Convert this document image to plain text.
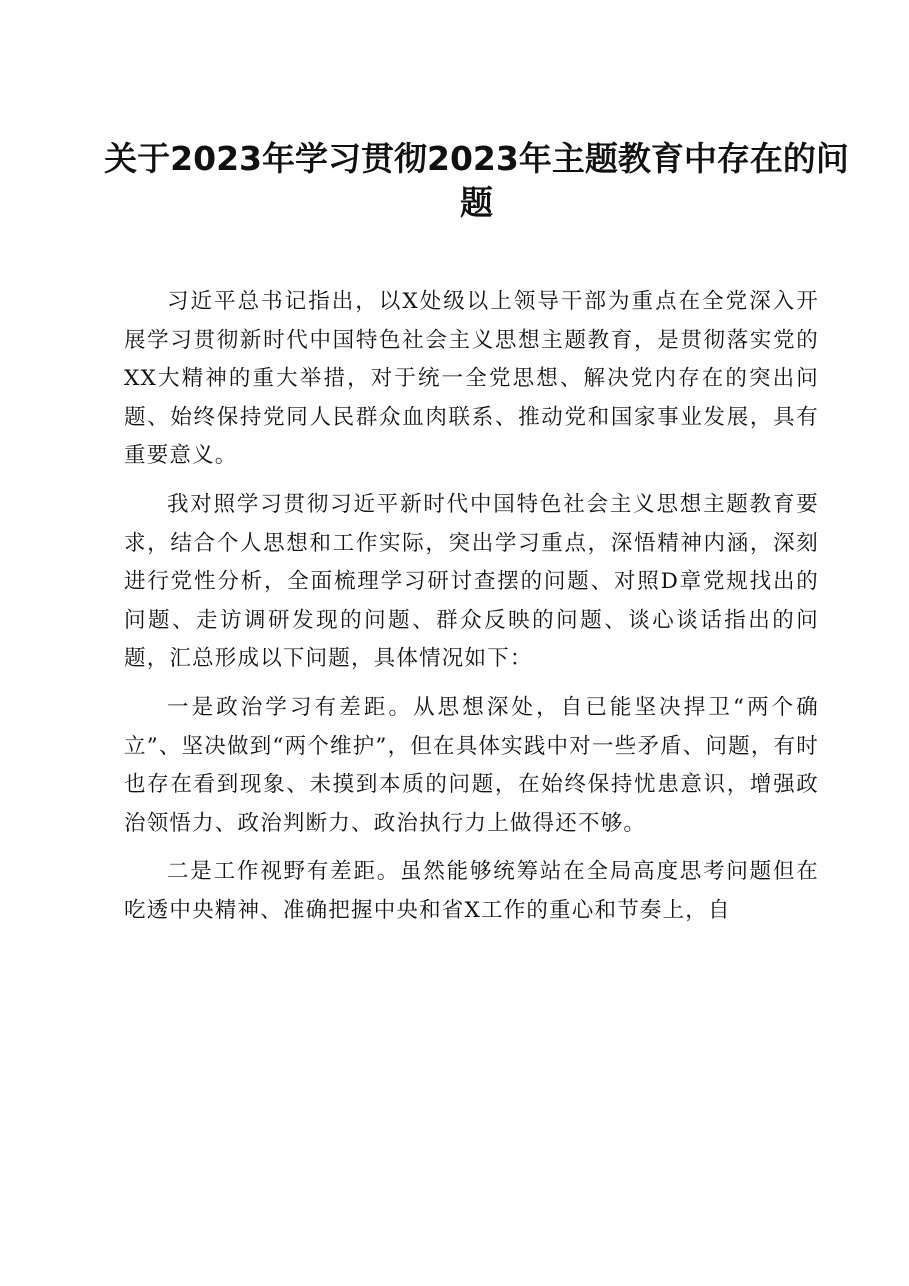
关于2023年学习贯彻2023年主题教育中存在的问题

习近平总书记指出，以X处级以上领导干部为重点在全党深入开展学习贯彻新时代中国特色社会主义思想主题教育，是贯彻落实党的XX大精神的重大举措，对于统一全党思想、解决党内存在的突出问题、始终保持党同人民群众血肉联系、推动党和国家事业发展，具有重要意义。

我对照学习贯彻习近平新时代中国特色社会主义思想主题教育要求，结合个人思想和工作实际，突出学习重点，深悟精神内涵，深刻进行党性分析，全面梳理学习研讨查摆的问题、对照D章党规找出的问题、走访调研发现的问题、群众反映的问题、谈心谈话指出的问题，汇总形成以下问题，具体情况如下：

一是政治学习有差距。从思想深处，自已能坚决捍卫“两个确立”、坚决做到“两个维护”，但在具体实践中对一些矛盾、问题，有时也存在看到现象、未摸到本质的问题，在始终保持忧患意识，增强政治领悟力、政治判断力、政治执行力上做得还不够。

二是工作视野有差距。虽然能够统筹站在全局高度思考问题但在吃透中央精神、准确把握中央和省X工作的重心和节奏上，自
